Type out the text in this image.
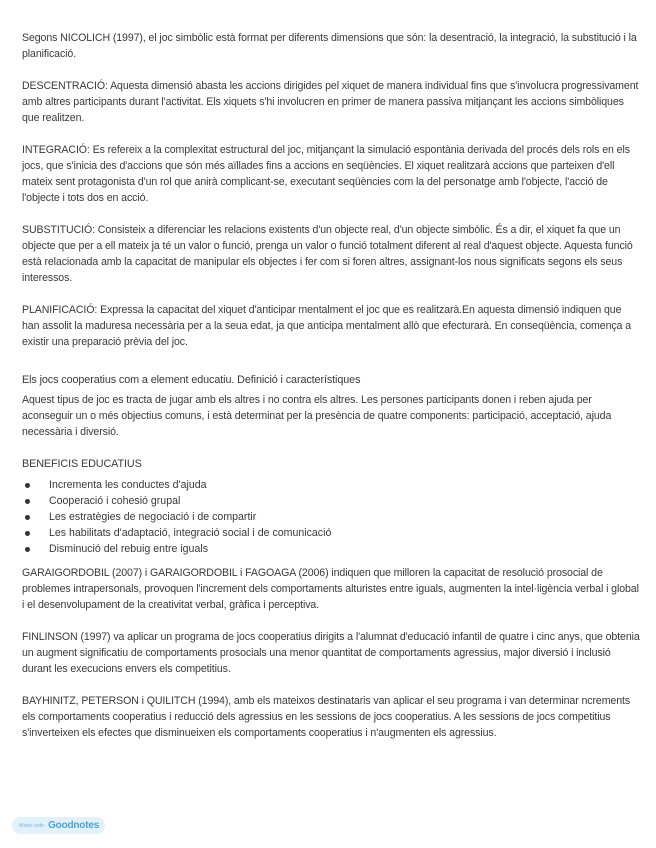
Segons NICOLICH (1997), el joc simbòlic està format per diferents dimensions que són: la desentració, la integració, la substitució i la planificació.

DESCENTRACIÓ: Aquesta dimensió abasta les accions dirigides pel xiquet de manera individual fins que s'involucra progressivament amb altres participants durant l'activitat. Els xiquets s'hi involucren en primer de manera passiva mitjançant les accions simbòliques que realitzen.

INTEGRACIÓ: Es refereix a la complexitat estructural del joc, mitjançant la simulació espontània derivada del procés dels rols en els jocs, que s'inicia des d'accions que són més aïllades fins a accions en seqüències. El xiquet realitzarà accions que parteixen d'ell mateix sent protagonista d'un rol que anirà complicant-se, executant seqüències com la del personatge amb l'objecte, l'acció de l'objecte i tots dos en acció.

SUBSTITUCIÓ: Consisteix a diferenciar les relacions existents d'un objecte real, d'un objecte simbòlic. És a dir, el xiquet fa que un objecte que per a ell mateix ja té un valor o funció, prenga un valor o funció totalment diferent al real d'aquest objecte. Aquesta funció està relacionada amb la capacitat de manipular els objectes i fer com si foren altres, assignant-los nous significats segons els seus interessos.

PLANIFICACIÓ: Expressa la capacitat del xiquet d'anticipar mentalment el joc que es realitzarà.En aquesta dimensió indiquen que han assolit la maduresa necessària per a la seua edat, ja que anticipa mentalment allò que efecturarà. En conseqüència, comença a existir una preparació prèvia del joc.

Els jocs cooperatius com a element educatiu. Definició i característiques

Aquest tipus de joc es tracta de jugar amb els altres i no contra els altres. Les persones participants donen i reben ajuda per aconseguir un o més objectius comuns, i està determinat per la presència de quatre components: participació, acceptació, ajuda necessària i diversió.

BENEFICIS EDUCATIUS

Incrementa les conductes d'ajuda
Cooperació i cohesió grupal
Les estratègies de negociació i de compartir
Les habilitats d'adaptació, integració social i de comunicació
Disminució del rebuig entre iguals

GARAIGORDOBIL (2007) i GARAIGORDOBIL i FAGOAGA (2006) indiquen que milloren la capacitat de resolució prosocial de problemes intrapersonals, provoquen l'increment dels comportaments alturistes entre iguals, augmenten la intel·ligència verbal i global i el desenvolupament de la creativitat verbal, gràfica i perceptiva.

FINLINSON (1997) va aplicar un programa de jocs cooperatius dirigits a l'alumnat d'educació infantil de quatre i cinc anys, que obtenia un augment significatiu de comportaments prosocials una menor quantitat de comportaments agressius, major diversió i inclusió durant les execucions envers els competitius.

BAYHINITZ, PETERSON i QUILITCH (1994), amb els mateixos destinataris van aplicar el seu programa i van determinar ncrements els comportaments cooperatius i reducció dels agressius en les sessions de jocs cooperatius. A les sessions de jocs competitius s'inverteixen els efectes que disminueixen els comportaments cooperatius i n'augmenten els agressius.

Made with Goodnotes
